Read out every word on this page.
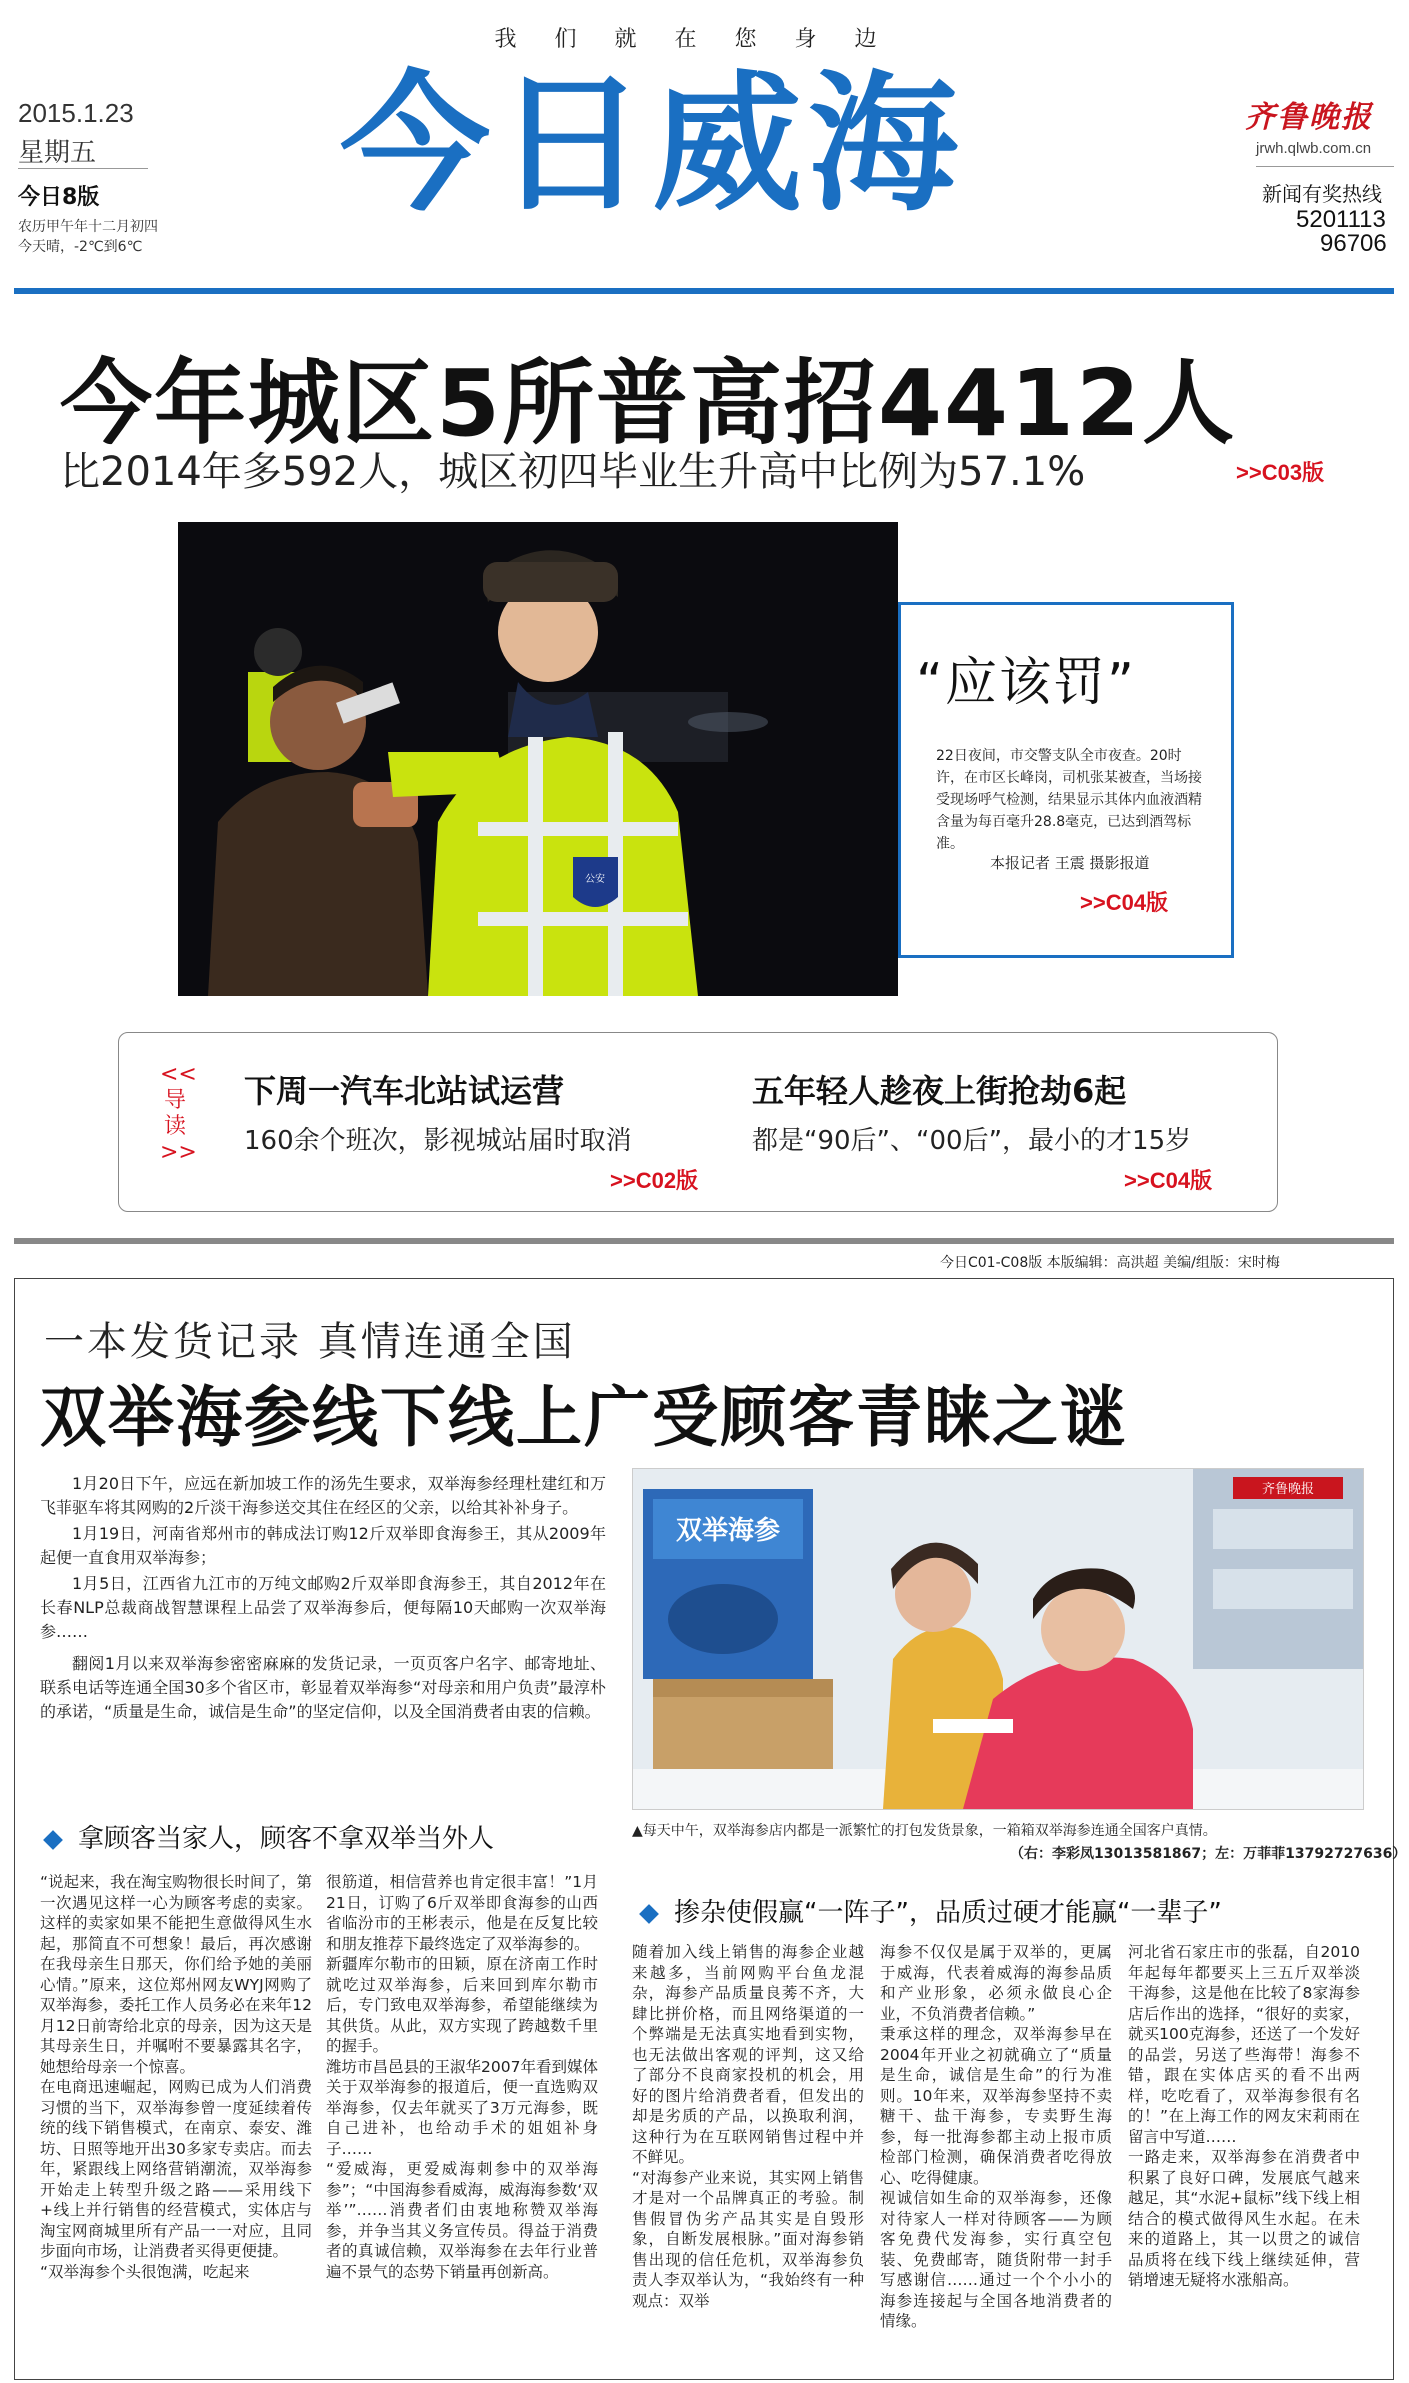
我们就在您身边
2015.1.23
星期五
今日8版
农历甲午年十二月初四
今天晴，-2℃到6℃
今日威海	齐鲁晚报
jrwh.qlwb.com.cn
新闻有奖热线
5201113
96706
今年城区5所普高招4412人
比2014年多592人，城区初四毕业生升高中比例为57.1%	>>C03版
公安
“应该罚”
22日夜间，市交警支队全市夜查。20时许，在市区长峰岗，司机张某被查，当场接受现场呼气检测，结果显示其体内血液酒精含量为每百毫升28.8毫克，已达到酒驾标准。
本报记者 王震 摄影报道
>>C04版
<<导读>>
下周一汽车北站试运营
160余个班次，影视城站届时取消
>>C02版
五年轻人趁夜上街抢劫6起
都是“90后”、“00后”，最小的才15岁
>>C04版
今日C01-C08版 本版编辑：高洪超 美编/组版：宋时梅
一本发货记录 真情连通全国
双举海参线下线上广受顾客青睐之谜

1月20日下午，应远在新加坡工作的汤先生要求，双举海参经理杜建红和万飞菲驱车将其网购的2斤淡干海参送交其住在经区的父亲，以给其补补身子。

1月19日，河南省郑州市的韩成法订购12斤双举即食海参王，其从2009年起便一直食用双举海参；

1月5日，江西省九江市的万纯文邮购2斤双举即食海参王，其自2012年在长春NLP总裁商战智慧课程上品尝了双举海参后，便每隔10天邮购一次双举海参……

翻阅1月以来双举海参密密麻麻的发货记录，一页页客户名字、邮寄地址、联系电话等连通全国30多个省区市，彰显着双举海参“对母亲和用户负责”最淳朴的承诺，“质量是生命，诚信是生命”的坚定信仰，以及全国消费者由衷的信赖。

齐鲁晚报
双举海参
▲每天中午，双举海参店内都是一派繁忙的打包发货景象，一箱箱双举海参连通全国客户真情。
（右：李彩凤13013581867；左：万菲菲13792727636）
拿顾客当家人，顾客不拿双举当外人
“说起来，我在淘宝购物很长时间了，第一次遇见这样一心为顾客考虑的卖家。这样的卖家如果不能把生意做得风生水起，那简直不可想象！最后，再次感谢在我母亲生日那天，你们给予她的美丽心情。”原来，这位郑州网友WYJ网购了双举海参，委托工作人员务必在来年12月12日前寄给北京的母亲，因为这天是其母亲生日，并嘱咐不要暴露其名字，她想给母亲一个惊喜。
在电商迅速崛起，网购已成为人们消费习惯的当下，双举海参曾一度延续着传统的线下销售模式，在南京、泰安、潍坊、日照等地开出30多家专卖店。而去年，紧跟线上网络营销潮流，双举海参开始走上转型升级之路——采用线下+线上并行销售的经营模式，实体店与淘宝网商城里所有产品一一对应，且同步面向市场，让消费者买得更便捷。
“双举海参个头很饱满，吃起来
很筋道，相信营养也肯定很丰富！”1月21日，订购了6斤双举即食海参的山西省临汾市的王彬表示，他是在反复比较和朋友推荐下最终选定了双举海参的。
新疆库尔勒市的田颖，原在济南工作时就吃过双举海参，后来回到库尔勒市后，专门致电双举海参，希望能继续为其供货。从此，双方实现了跨越数千里的握手。
潍坊市昌邑县的王淑华2007年看到媒体关于双举海参的报道后，便一直选购双举海参，仅去年就买了3万元海参，既自己进补，也给动手术的姐姐补身子……
“爱威海，更爱威海刺参中的双举海参”；“中国海参看威海，威海海参数‘双举’”……消费者们由衷地称赞双举海参，并争当其义务宣传员。得益于消费者的真诚信赖，双举海参在去年行业普遍不景气的态势下销量再创新高。
掺杂使假赢“一阵子”，品质过硬才能赢“一辈子”
随着加入线上销售的海参企业越来越多，当前网购平台鱼龙混杂，海参产品质量良莠不齐，大肆比拼价格，而且网络渠道的一个弊端是无法真实地看到实物，也无法做出客观的评判，这又给了部分不良商家投机的机会，用好的图片给消费者看，但发出的却是劣质的产品，以换取利润，这种行为在互联网销售过程中并不鲜见。
“对海参产业来说，其实网上销售才是对一个品牌真正的考验。制售假冒伪劣产品其实是自毁形象，自断发展根脉。”面对海参销售出现的信任危机，双举海参负责人李双举认为，“我始终有一种观点：双举
海参不仅仅是属于双举的，更属于威海，代表着威海的海参品质和产业形象，必须永做良心企业，不负消费者信赖。”
秉承这样的理念，双举海参早在2004年开业之初就确立了“质量是生命，诚信是生命”的行为准则。10年来，双举海参坚持不卖糖干、盐干海参，专卖野生海参，每一批海参都主动上报市质检部门检测，确保消费者吃得放心、吃得健康。
视诚信如生命的双举海参，还像对待家人一样对待顾客——为顾客免费代发海参，实行真空包装、免费邮寄，随货附带一封手写感谢信……通过一个个小小的海参连接起与全国各地消费者的情缘。
河北省石家庄市的张磊，自2010年起每年都要买上三五斤双举淡干海参，这是他在比较了8家海参店后作出的选择，“很好的卖家，就买100克海参，还送了一个发好的品尝，另送了些海带！海参不错，跟在实体店买的看不出两样，吃吃看了，双举海参很有名的！”在上海工作的网友宋莉雨在留言中写道……
一路走来，双举海参在消费者中积累了良好口碑，发展底气越来越足，其“水泥+鼠标”线下线上相结合的模式做得风生水起。在未来的道路上，其一以贯之的诚信品质将在线下线上继续延伸，营销增速无疑将水涨船高。
